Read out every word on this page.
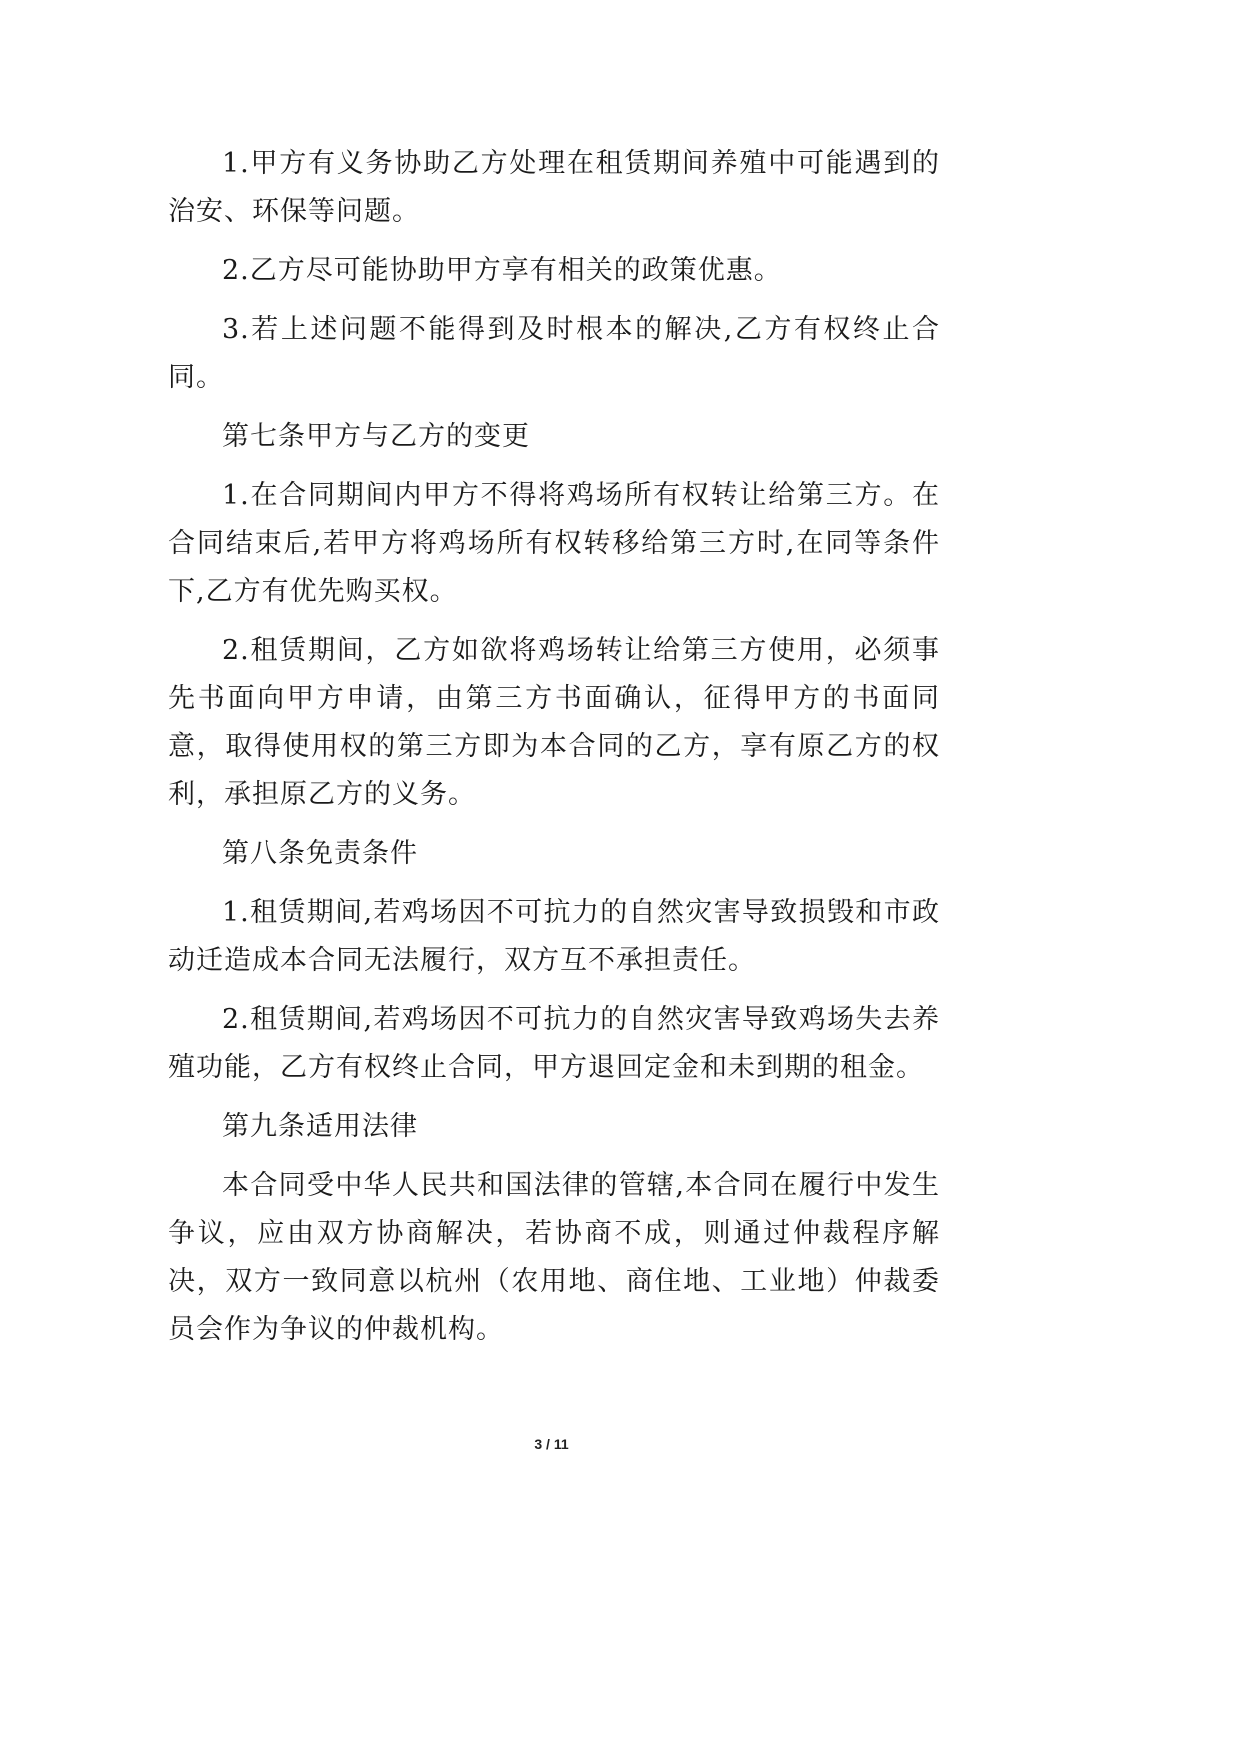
1.甲方有义务协助乙方处理在租赁期间养殖中可能遇到的治安、环保等问题。

2.乙方尽可能协助甲方享有相关的政策优惠。

3.若上述问题不能得到及时根本的解决,乙方有权终止合同。

第七条甲方与乙方的变更

1.在合同期间内甲方不得将鸡场所有权转让给第三方。在合同结束后,若甲方将鸡场所有权转移给第三方时,在同等条件下,乙方有优先购买权。

2.租赁期间，乙方如欲将鸡场转让给第三方使用，必须事先书面向甲方申请，由第三方书面确认，征得甲方的书面同意，取得使用权的第三方即为本合同的乙方，享有原乙方的权利，承担原乙方的义务。

第八条免责条件

1.租赁期间,若鸡场因不可抗力的自然灾害导致损毁和市政动迁造成本合同无法履行，双方互不承担责任。

2.租赁期间,若鸡场因不可抗力的自然灾害导致鸡场失去养殖功能，乙方有权终止合同，甲方退回定金和未到期的租金。

第九条适用法律

本合同受中华人民共和国法律的管辖,本合同在履行中发生争议，应由双方协商解决，若协商不成，则通过仲裁程序解决，双方一致同意以杭州（农用地、商住地、工业地）仲裁委员会作为争议的仲裁机构。

3 / 11
